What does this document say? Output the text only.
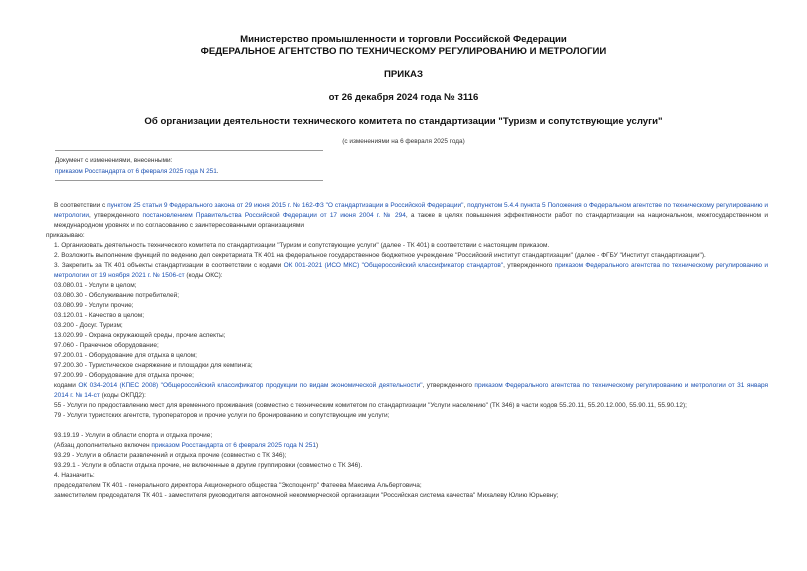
Министерство промышленности и торговли Российской Федерации
ФЕДЕРАЛЬНОЕ АГЕНТСТВО ПО ТЕХНИЧЕСКОМУ РЕГУЛИРОВАНИЮ И МЕТРОЛОГИИ
ПРИКАЗ
от 26 декабря 2024 года № 3116
Об организации деятельности технического комитета по стандартизации "Туризм и сопутствующие услуги"
(с изменениями на 6 февраля 2025 года)
Документ с изменениями, внесенными:
приказом Росстандарта от 6 февраля 2025 года N 251.

В соответствии с пунктом 25 статьи 9 Федерального закона от 29 июня 2015 г. № 162-ФЗ "О стандартизации в Российской Федерации", подпунктом 5.4.4 пункта 5 Положения о Федеральном агентстве по техническому регулированию и метрологии, утвержденного постановлением Правительства Российской Федерации от 17 июня 2004 г. № 294, а также в целях повышения эффективности работ по стандартизации на национальном, межгосударственном и международном уровнях и по согласованию с заинтересованными организациями

приказываю:

1. Организовать деятельность технического комитета по стандартизации "Туризм и сопутствующие услуги" (далее - ТК 401) в соответствии с настоящим приказом.

2. Возложить выполнение функций по ведению дел секретариата ТК 401 на федеральное государственное бюджетное учреждение "Российский институт стандартизации" (далее - ФГБУ "Институт стандартизации").

3. Закрепить за ТК 401 объекты стандартизации в соответствии с кодами ОК 001-2021 (ИСО МКС) "Общероссийский классификатор стандартов", утвержденного приказом Федерального агентства по техническому регулированию и метрологии от 19 ноября 2021 г. № 1506-ст (коды ОКС):

03.080.01 - Услуги в целом;

03.080.30 - Обслуживание потребителей;

03.080.99 - Услуги прочие;

03.120.01 - Качество в целом;

03.200 - Досуг. Туризм;

13.020.99 - Охрана окружающей среды, прочие аспекты;

97.060 - Прачечное оборудование;

97.200.01 - Оборудование для отдыха в целом;

97.200.30 - Туристическое снаряжение и площадки для кемпинга;

97.200.99 - Оборудование для отдыха прочее;

кодами ОК 034-2014 (КПЕС 2008) "Общероссийский классификатор продукции по видам экономической деятельности", утвержденного приказом Федерального агентства по техническому регулированию и метрологии от 31 января 2014 г. № 14-ст (коды ОКПД2):

55 - Услуги по предоставлению мест для временного проживания (совместно с техническим комитетом по стандартизации "Услуги населению" (ТК 346) в части кодов 55.20.11, 55.20.12.000, 55.90.11, 55.90.12);

79 - Услуги туристских агентств, туроператоров и прочие услуги по бронированию и сопутствующие им услуги;

93.19.19 - Услуги в области спорта и отдыха прочие;

(Абзац дополнительно включен приказом Росстандарта от 6 февраля 2025 года N 251)

93.29 - Услуги в области развлечений и отдыха прочие (совместно с ТК 346);

93.29.1 - Услуги в области отдыха прочие, не включенные в другие группировки (совместно с ТК 346).

4. Назначить:

председателем ТК 401 - генерального директора Акционерного общества "Экспоцентр" Фатеева Максима Альбертовича;

заместителем председателя ТК 401 - заместителя руководителя автономной некоммерческой организации "Российская система качества" Михалеву Юлию Юрьевну;
